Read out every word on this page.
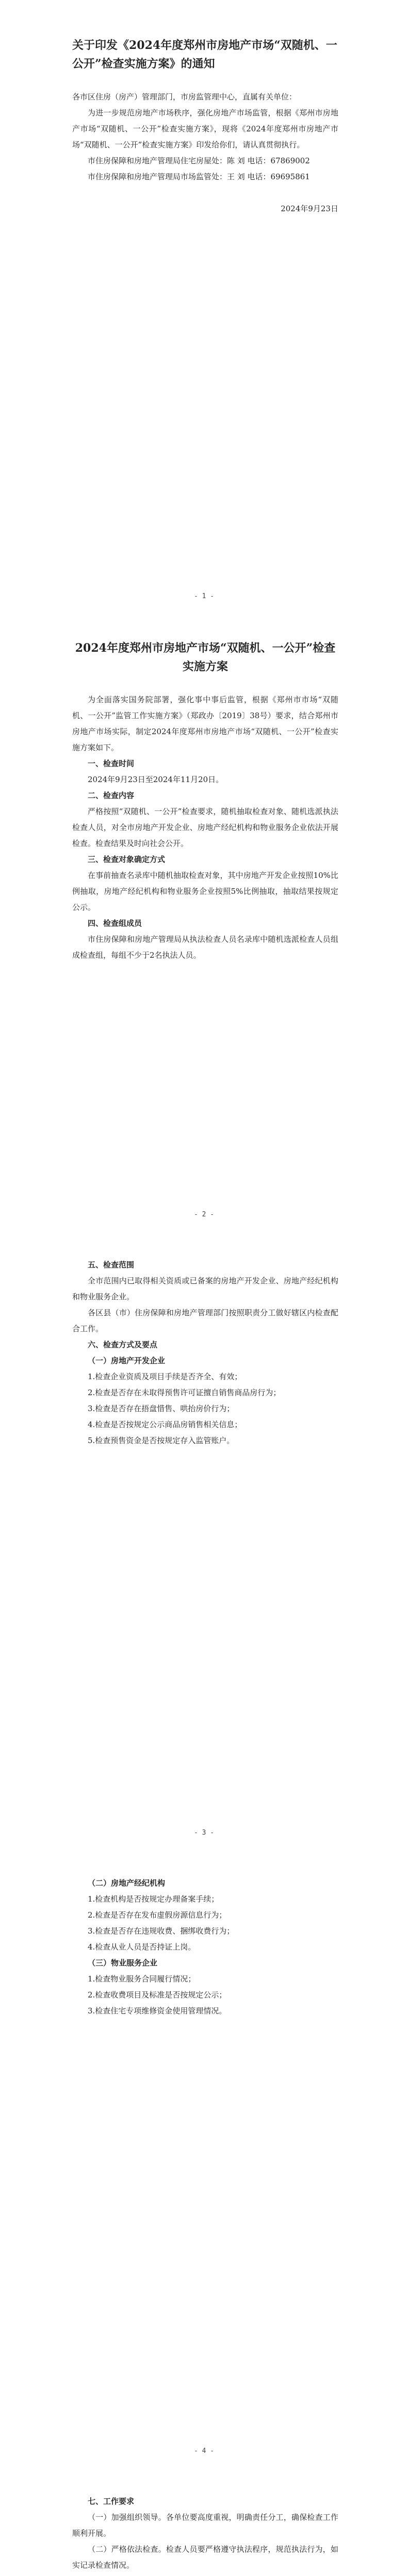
关于印发《2024年度郑州市房地产市场“双随机、一公开”检查实施方案》的通知

各市区住房（房产）管理部门，市房监管理中心，直属有关单位：

为进一步规范房地产市场秩序，强化房地产市场监管，根据《郑州市房地产市场“双随机、一公开”检查实施方案》，现将《2024年度郑州市房地产市场“双随机、一公开”检查实施方案》印发给你们，请认真贯彻执行。

市住房保障和房地产管理局住宅房屋处：陈 刘 电话：67869002

市住房保障和房地产管理局市场监管处：王 刘 电话：69695861

2024年9月23日

- 1 -
2024年度郑州市房地产市场“双随机、一公开”检查实施方案

为全面落实国务院部署，强化事中事后监管，根据《郑州市市场“双随机、一公开”监管工作实施方案》（郑政办〔2019〕38号）要求，结合郑州市房地产市场实际，制定2024年度郑州市房地产市场“双随机、一公开”检查实施方案如下。

一、检查时间

2024年9月23日至2024年11月20日。

二、检查内容

严格按照“双随机、一公开”检查要求，随机抽取检查对象、随机选派执法检查人员，对全市房地产开发企业、房地产经纪机构和物业服务企业依法开展检查。检查结果及时向社会公开。

三、检查对象确定方式

在事前抽查名录库中随机抽取检查对象，其中房地产开发企业按照10%比例抽取，房地产经纪机构和物业服务企业按照5%比例抽取，抽取结果按规定公示。

四、检查组成员

市住房保障和房地产管理局从执法检查人员名录库中随机选派检查人员组成检查组，每组不少于2名执法人员。

- 2 -

五、检查范围

全市范围内已取得相关资质或已备案的房地产开发企业、房地产经纪机构和物业服务企业。

各区县（市）住房保障和房地产管理部门按照职责分工做好辖区内检查配合工作。

六、检查方式及要点

（一）房地产开发企业

1.检查企业资质及项目手续是否齐全、有效；

2.检查是否存在未取得预售许可证擅自销售商品房行为；

3.检查是否存在捂盘惜售、哄抬房价行为；

4.检查是否按规定公示商品房销售相关信息；

5.检查预售资金是否按规定存入监管账户。

- 3 -

（二）房地产经纪机构

1.检查机构是否按规定办理备案手续；

2.检查是否存在发布虚假房源信息行为；

3.检查是否存在违规收费、捆绑收费行为；

4.检查从业人员是否持证上岗。

（三）物业服务企业

1.检查物业服务合同履行情况；

2.检查收费项目及标准是否按规定公示；

3.检查住宅专项维修资金使用管理情况。

- 4 -

七、工作要求

（一）加强组织领导。各单位要高度重视，明确责任分工，确保检查工作顺利开展。

（二）严格依法检查。检查人员要严格遵守执法程序，规范执法行为，如实记录检查情况。
